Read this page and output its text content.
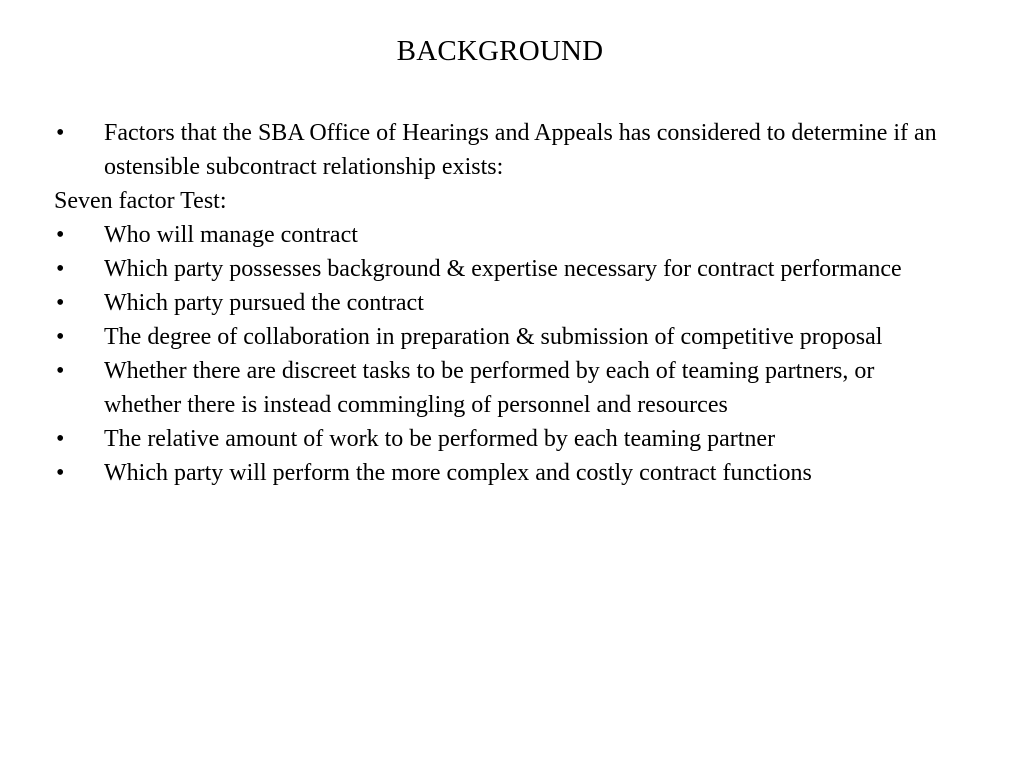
BACKGROUND
•	Factors that the SBA Office of Hearings and Appeals has considered to determine if an ostensible subcontract relationship exists:
Seven factor Test:
•	Who will manage contract
•	Which party possesses background & expertise necessary for contract performance
•	Which party pursued the contract
•	The degree of collaboration in preparation & submission of competitive proposal
•	Whether there are discreet tasks to be performed by each of teaming partners, or whether there is instead commingling of personnel and resources
•	The relative amount of work to be performed by each teaming partner
•	Which party will perform the more complex and costly contract functions
